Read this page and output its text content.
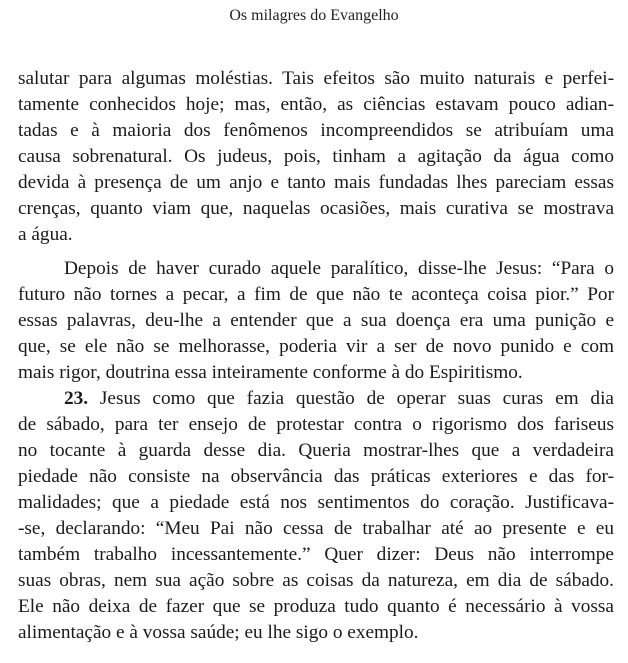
Os milagres do Evangelho
salutar para algumas moléstias. Tais efeitos são muito naturais e perfei-
tamente conhecidos hoje; mas, então, as ciências estavam pouco adian-
tadas e à maioria dos fenômenos incompreendidos se atribuíam uma
causa sobrenatural. Os judeus, pois, tinham a agitação da água como
devida à presença de um anjo e tanto mais fundadas lhes pareciam essas
crenças, quanto viam que, naquelas ocasiões, mais curativa se mostrava
a água.
Depois de haver curado aquele paralítico, disse-lhe Jesus: “Para o
futuro não tornes a pecar, a fim de que não te aconteça coisa pior.” Por
essas palavras, deu-lhe a entender que a sua doença era uma punição e
que, se ele não se melhorasse, poderia vir a ser de novo punido e com
mais rigor, doutrina essa inteiramente conforme à do Espiritismo.
23. Jesus como que fazia questão de operar suas curas em dia
de sábado, para ter ensejo de protestar contra o rigorismo dos fariseus
no tocante à guarda desse dia. Queria mostrar-lhes que a verdadeira
piedade não consiste na observância das práticas exteriores e das for-
malidades; que a piedade está nos sentimentos do coração. Justificava-
-se, declarando: “Meu Pai não cessa de trabalhar até ao presente e eu
também trabalho incessantemente.” Quer dizer: Deus não interrompe
suas obras, nem sua ação sobre as coisas da natureza, em dia de sábado.
Ele não deixa de fazer que se produza tudo quanto é necessário à vossa
alimentação e à vossa saúde; eu lhe sigo o exemplo.
